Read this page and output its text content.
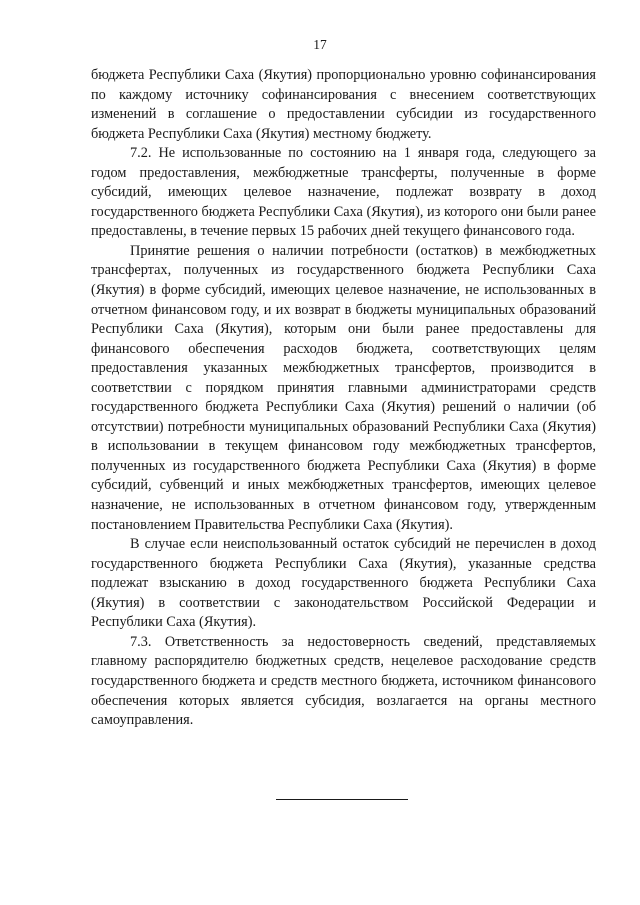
17

бюджета Республики Саха (Якутия) пропорционально уровню софинансирования по каждому источнику софинансирования с внесением соответствующих изменений в соглашение о предоставлении субсидии из государственного бюджета Республики Саха (Якутия) местному бюджету.

7.2. Не использованные по состоянию на 1 января года, следующего за годом предоставления, межбюджетные трансферты, полученные в форме субсидий, имеющих целевое назначение, подлежат возврату в доход государственного бюджета Республики Саха (Якутия), из которого они были ранее предоставлены, в течение первых 15 рабочих дней текущего финансового года.

Принятие решения о наличии потребности (остатков) в межбюджетных трансфертах, полученных из государственного бюджета Республики Саха (Якутия) в форме субсидий, имеющих целевое назначение, не использованных в отчетном финансовом году, и их возврат в бюджеты муниципальных образований Республики Саха (Якутия), которым они были ранее предоставлены для финансового обеспечения расходов бюджета, соответствующих целям предоставления указанных межбюджетных трансфертов, производится в соответствии с порядком принятия главными администраторами средств государственного бюджета Республики Саха (Якутия) решений о наличии (об отсутствии) потребности муниципальных образований Республики Саха (Якутия) в использовании в текущем финансовом году межбюджетных трансфертов, полученных из государственного бюджета Республики Саха (Якутия) в форме субсидий, субвенций и иных межбюджетных трансфертов, имеющих целевое назначение, не использованных в отчетном финансовом году, утвержденным постановлением Правительства Республики Саха (Якутия).

В случае если неиспользованный остаток субсидий не перечислен в доход государственного бюджета Республики Саха (Якутия), указанные средства подлежат взысканию в доход государственного бюджета Республики Саха (Якутия) в соответствии с законодательством Российской Федерации и Республики Саха (Якутия).

7.3. Ответственность за недостоверность сведений, представляемых главному распорядителю бюджетных средств, нецелевое расходование средств государственного бюджета и средств местного бюджета, источником финансового обеспечения которых является субсидия, возлагается на органы местного самоуправления.
